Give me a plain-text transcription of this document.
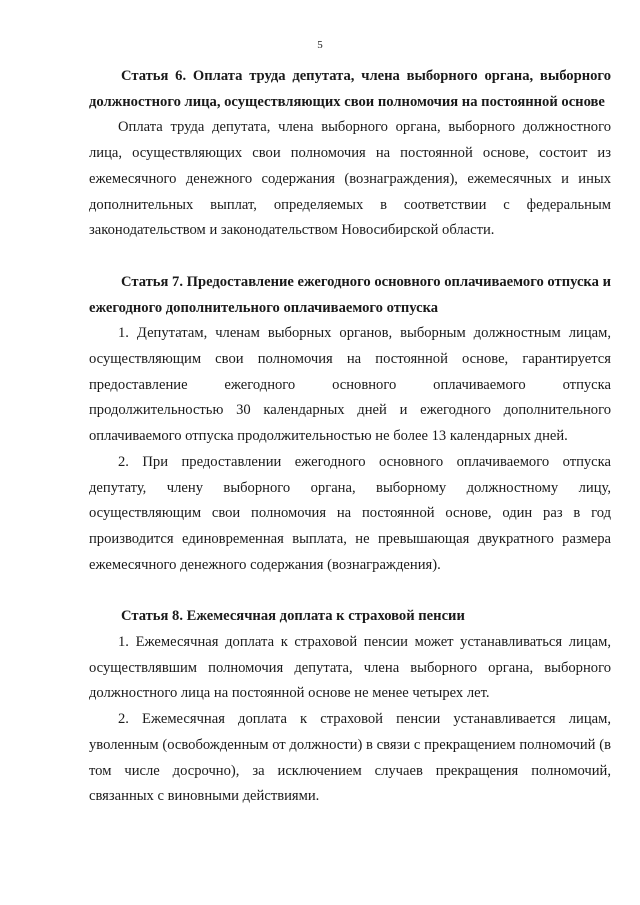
5

Статья 6. Оплата труда депутата, члена выборного органа, выборного должностного лица, осуществляющих свои полномочия на постоянной основе

Оплата труда депутата, члена выборного органа, выборного должностного лица, осуществляющих свои полномочия на постоянной основе, состоит из ежемесячного денежного содержания (вознаграждения), ежемесячных и иных дополнительных выплат, определяемых в соответствии с федеральным законодательством и законодательством Новосибирской области.

Статья 7. Предоставление ежегодного основного оплачиваемого отпуска и ежегодного дополнительного оплачиваемого отпуска

1. Депутатам, членам выборных органов, выборным должностным лицам, осуществляющим свои полномочия на постоянной основе, гарантируется предоставление ежегодного основного оплачиваемого отпуска продолжительностью 30 календарных дней и ежегодного дополнительного оплачиваемого отпуска продолжительностью не более 13 календарных дней.

2. При предоставлении ежегодного основного оплачиваемого отпуска депутату, члену выборного органа, выборному должностному лицу, осуществляющим свои полномочия на постоянной основе, один раз в год производится единовременная выплата, не превышающая двукратного размера ежемесячного денежного содержания (вознаграждения).

Статья 8. Ежемесячная доплата к страховой пенсии

1. Ежемесячная доплата к страховой пенсии может устанавливаться лицам, осуществлявшим полномочия депутата, члена выборного органа, выборного должностного лица на постоянной основе не менее четырех лет.

2. Ежемесячная доплата к страховой пенсии устанавливается лицам, уволенным (освобожденным от должности) в связи с прекращением полномочий (в том числе досрочно), за исключением случаев прекращения полномочий, связанных с виновными действиями.
